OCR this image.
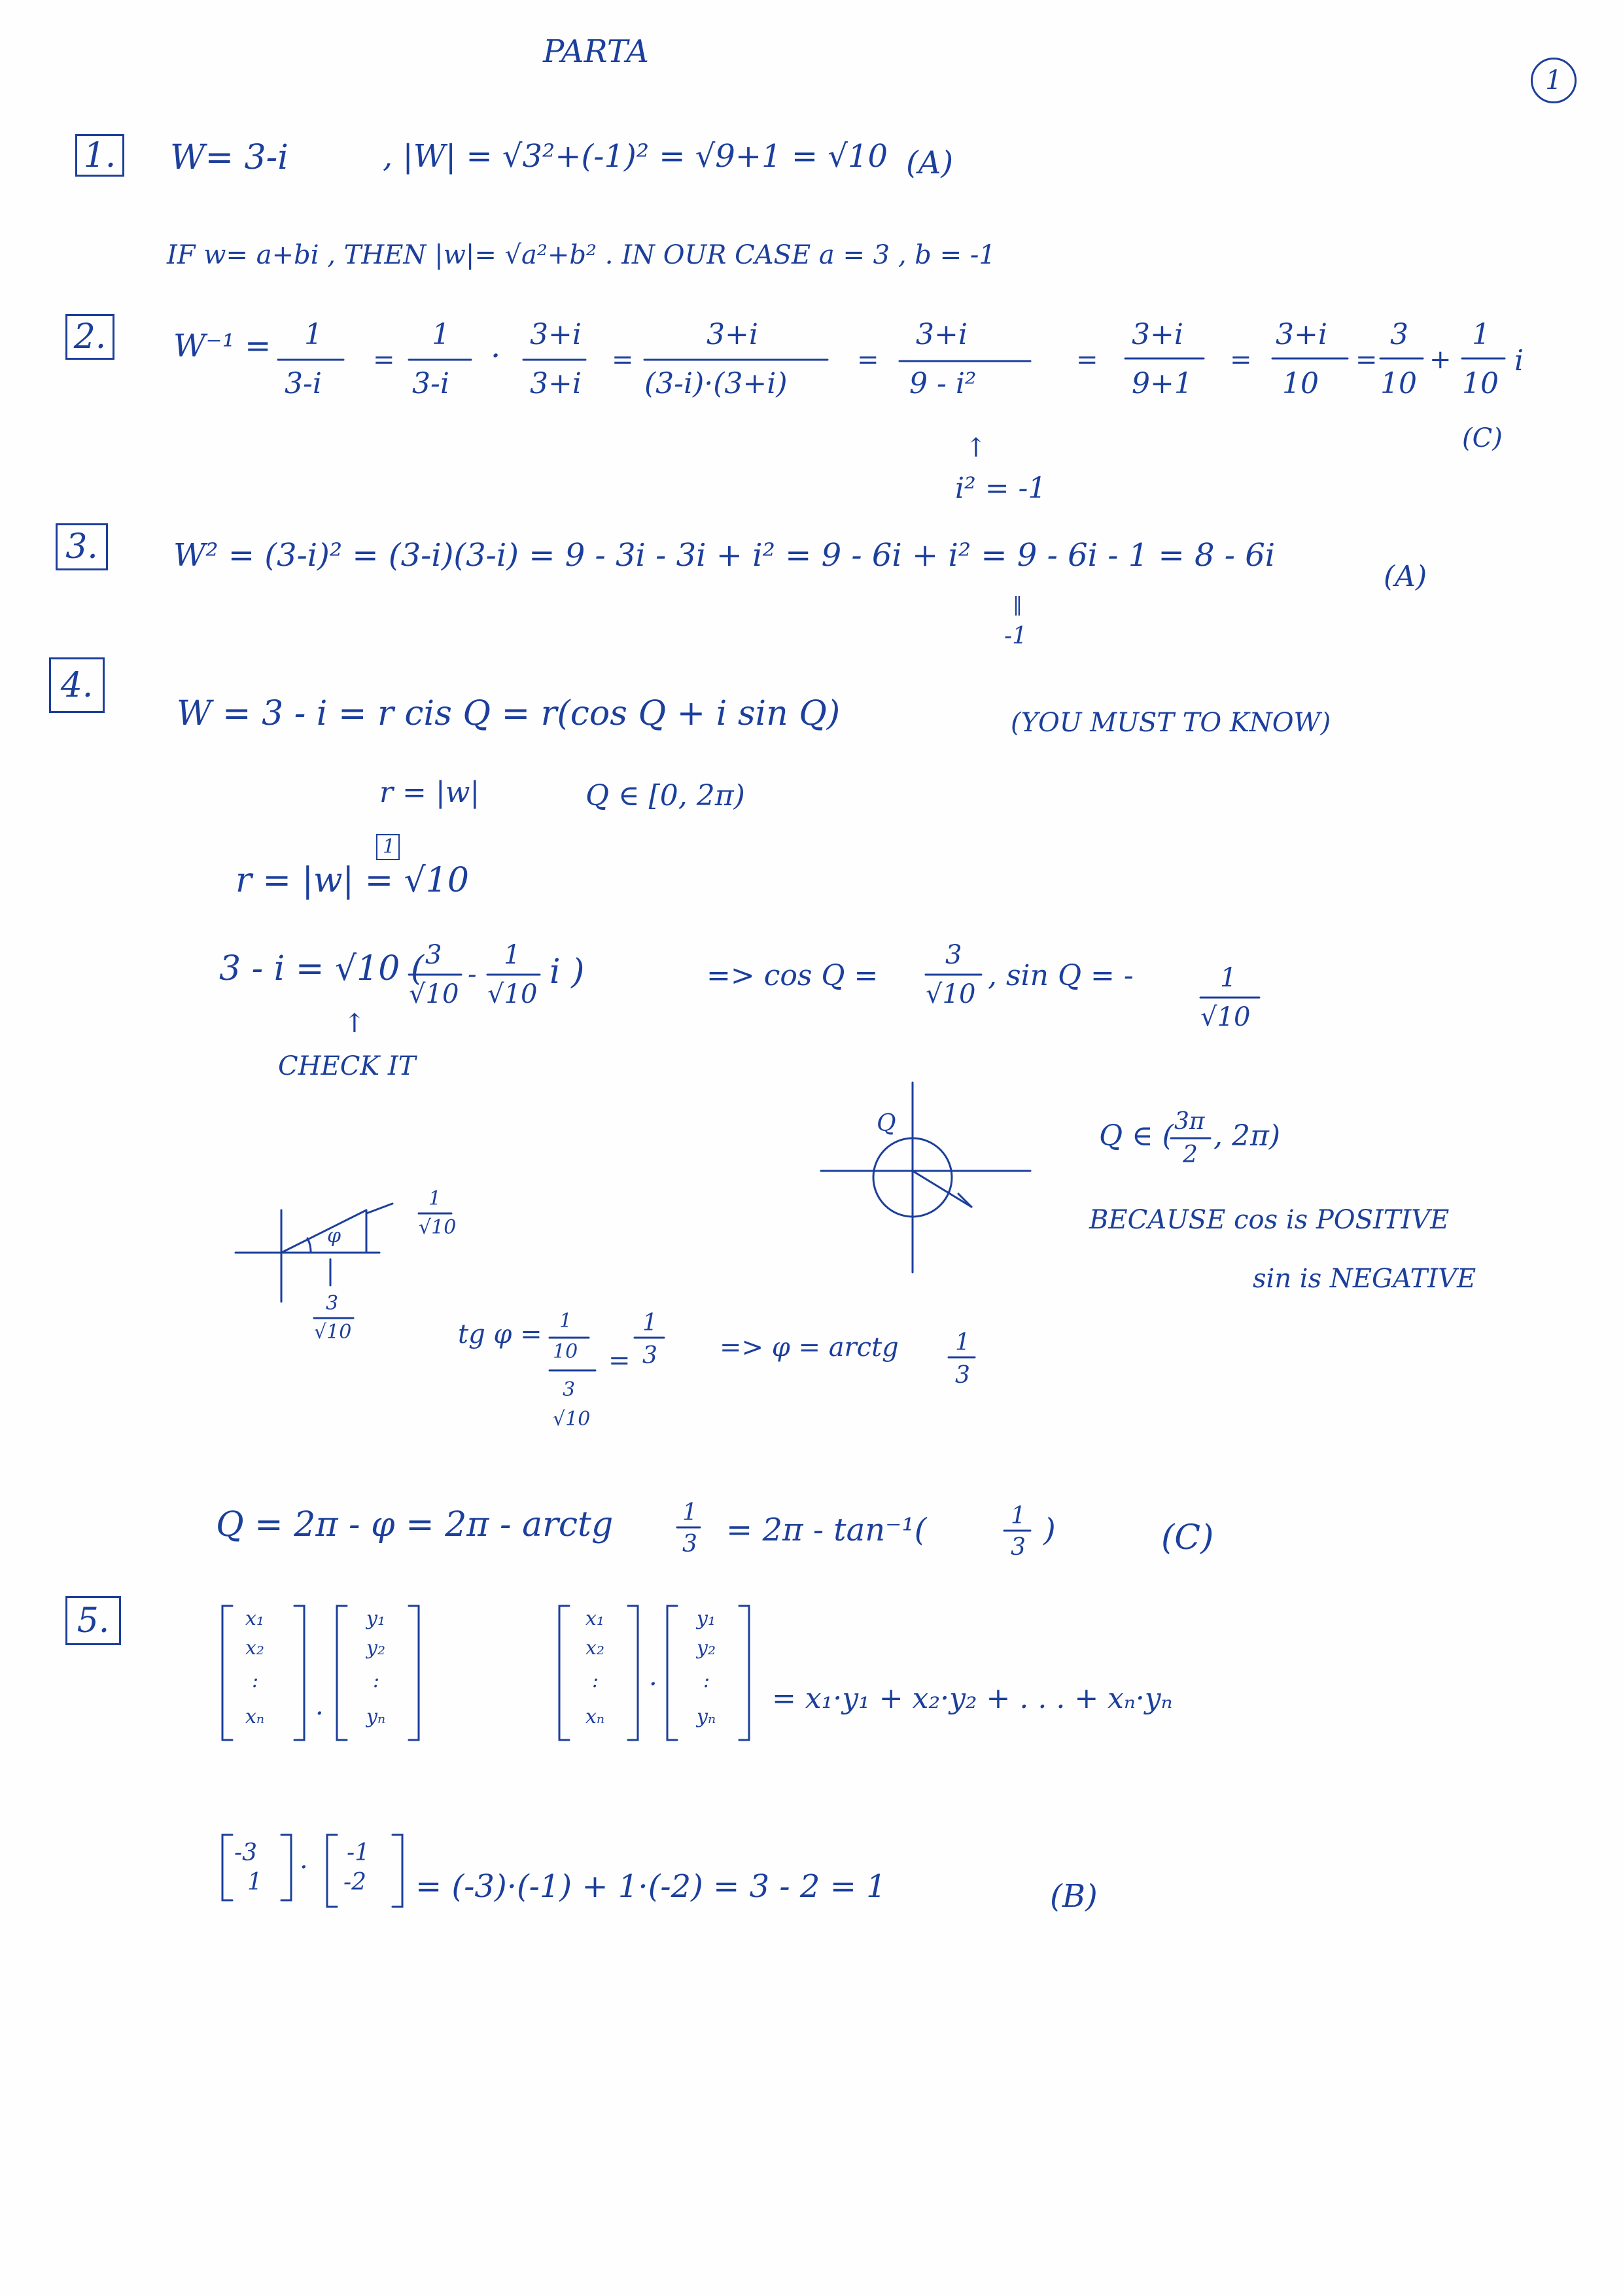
PARTA
1
1. W= 3-i	, |W| = √3²+(-1)² = √9+1 = √10 (A)
IF w= a+bi , THEN |w|= √a²+b² . IN OUR CASE a = 3 , b = -1
2. W⁻¹ = 1
3-i
=
1
3-i
·
3+i
3+i
=
3+i
(3-i)·(3+i)
=
3+i
9 - i²
=
3+i
9+1
=
3+i
10
=
3
10
+
1
10
i
(C)
↑
i² = -1
3.	W² = (3-i)² = (3-i)(3-i) = 9 - 3i - 3i + i² = 9 - 6i + i² = 9 - 6i - 1 = 8 - 6i
(A)
‖
-1
4.
W = 3 - i = r cis Q = r(cos Q + i sin Q)	(YOU MUST TO KNOW)
r = |w|	Q ∈ [0, 2π)
r = |w| = √10
1
3 - i = √10 ( 3
√10
-
1
√10
i )	=> cos Q =
3
√10
, sin Q = -	1
√10
↑
CHECK IT
Q	Q ∈ ( 3π
2
, 2π)
BECAUSE cos is POSITIVE
sin is NEGATIVE
φ
1
√10
3
√10	tg φ = 1
10
3
√10
=
1
3 => φ = arctg 1
3
Q = 2π - φ = 2π - arctg	1
3 = 2π - tan⁻¹(	1
3 )	(C)
5.	x₁
x₂
:
xₙ ·
y₁
y₂
:
yₙ
x₁
x₂
:
xₙ
·
y₁
y₂
:
yₙ
= x₁·y₁ + x₂·y₂ + . . . + xₙ·yₙ
-3
1 · -1
-2 = (-3)·(-1) + 1·(-2) = 3 - 2 = 1	(B)
